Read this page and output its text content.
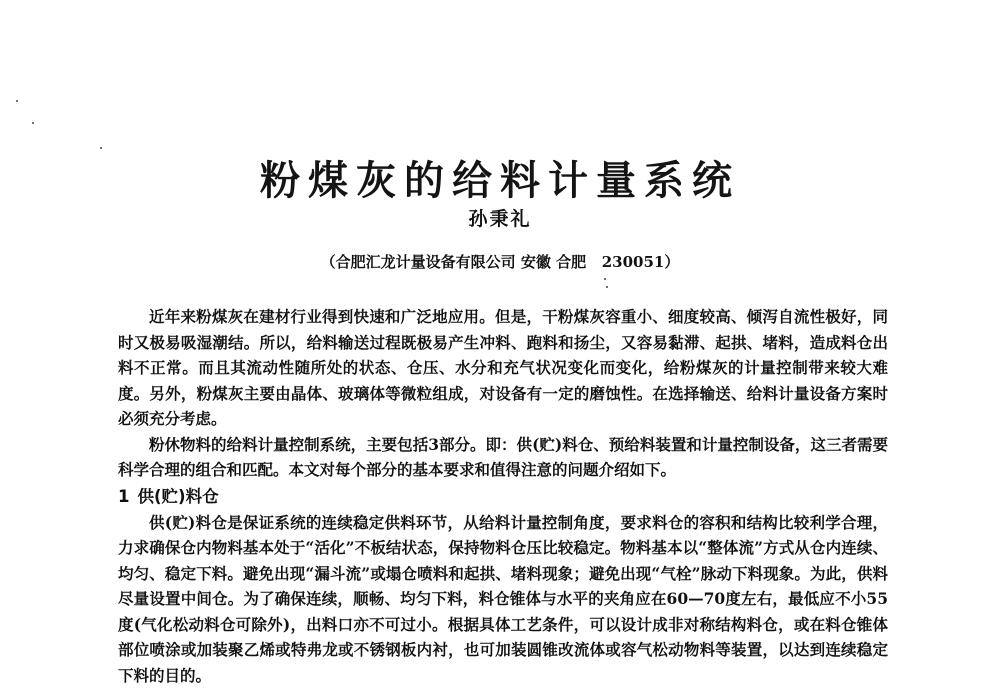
粉煤灰的给料计量系统
孙秉礼
（合肥汇龙计量设备有限公司 安徽 合肥   230051）

近年来粉煤灰在建材行业得到快速和广泛地应用。但是，干粉煤灰容重小、细度较高、倾泻自流性极好，同时又极易吸湿潮结。所以，给料输送过程既极易产生冲料、跑料和扬尘，又容易黏滞、起拱、堵料，造成料仓出料不正常。而且其流动性随所处的状态、仓压、水分和充气状况变化而变化，给粉煤灰的计量控制带来较大难度。另外，粉煤灰主要由晶体、玻璃体等微粒组成，对设备有一定的磨蚀性。在选择输送、给料计量设备方案时必须充分考虑。

粉休物料的给料计量控制系统，主要包括3部分。即：供(贮)料仓、预给料装置和计量控制设备，这三者需要科学合理的组合和匹配。本文对每个部分的基本要求和值得注意的问题介绍如下。

1 供(贮)料仓

供(贮)料仓是保证系统的连续稳定供料环节，从给料计量控制角度，要求料仓的容积和结构比较利学合理，力求确保仓内物料基本处于“活化”不板结状态，保持物料仓压比较稳定。物料基本以“整体流”方式从仓内连续、均匀、稳定下料。避免出现“漏斗流”或塌仓喷料和起拱、堵料现象；避免出现“气栓”脉动下料现象。为此，供料尽量设置中间仓。为了确保连续，顺畅、均匀下料，料仓锥体与水平的夹角应在60—70度左右，最低应不小55度(气化松动料仓可除外)，出料口亦不可过小。根据具体工艺条件，可以设计成非对称结构料仓，或在料仓锥体部位喷涂或加装聚乙烯或特弗龙或不锈钢板内衬，也可加装圆锥改流体或容气松动物料等装置，以达到连续稳定下料的目的。
